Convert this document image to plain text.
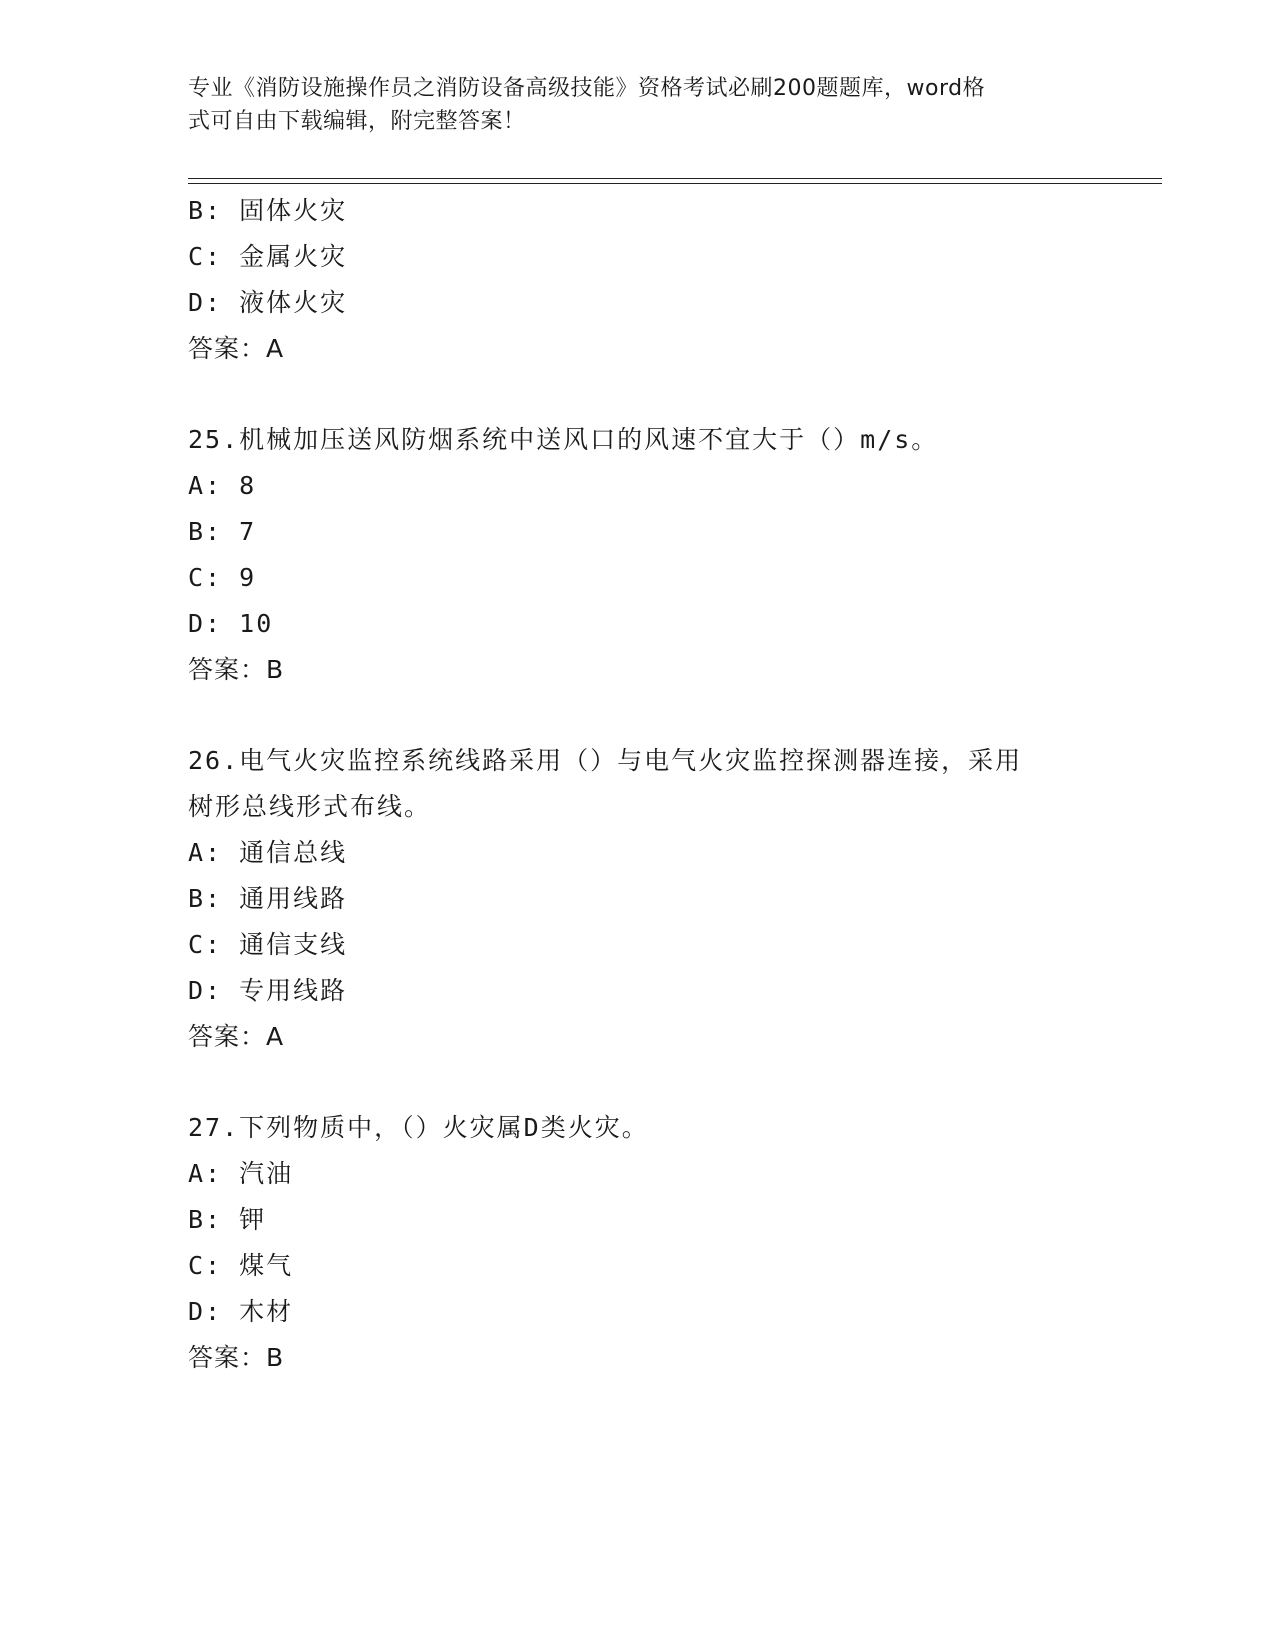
专业《消防设施操作员之消防设备高级技能》资格考试必刷200题题库，word格
式可自由下载编辑，附完整答案！
B: 固体火灾
C: 金属火灾
D: 液体火灾
答案：A
25.机械加压送风防烟系统中送风口的风速不宜大于（）m/s。
A: 8
B: 7
C: 9
D: 10
答案：B
26.电气火灾监控系统线路采用（）与电气火灾监控探测器连接，采用
树形总线形式布线。
A: 通信总线
B: 通用线路
C: 通信支线
D: 专用线路
答案：A
27.下列物质中，（）火灾属D类火灾。
A: 汽油
B: 钾
C: 煤气
D: 木材
答案：B
